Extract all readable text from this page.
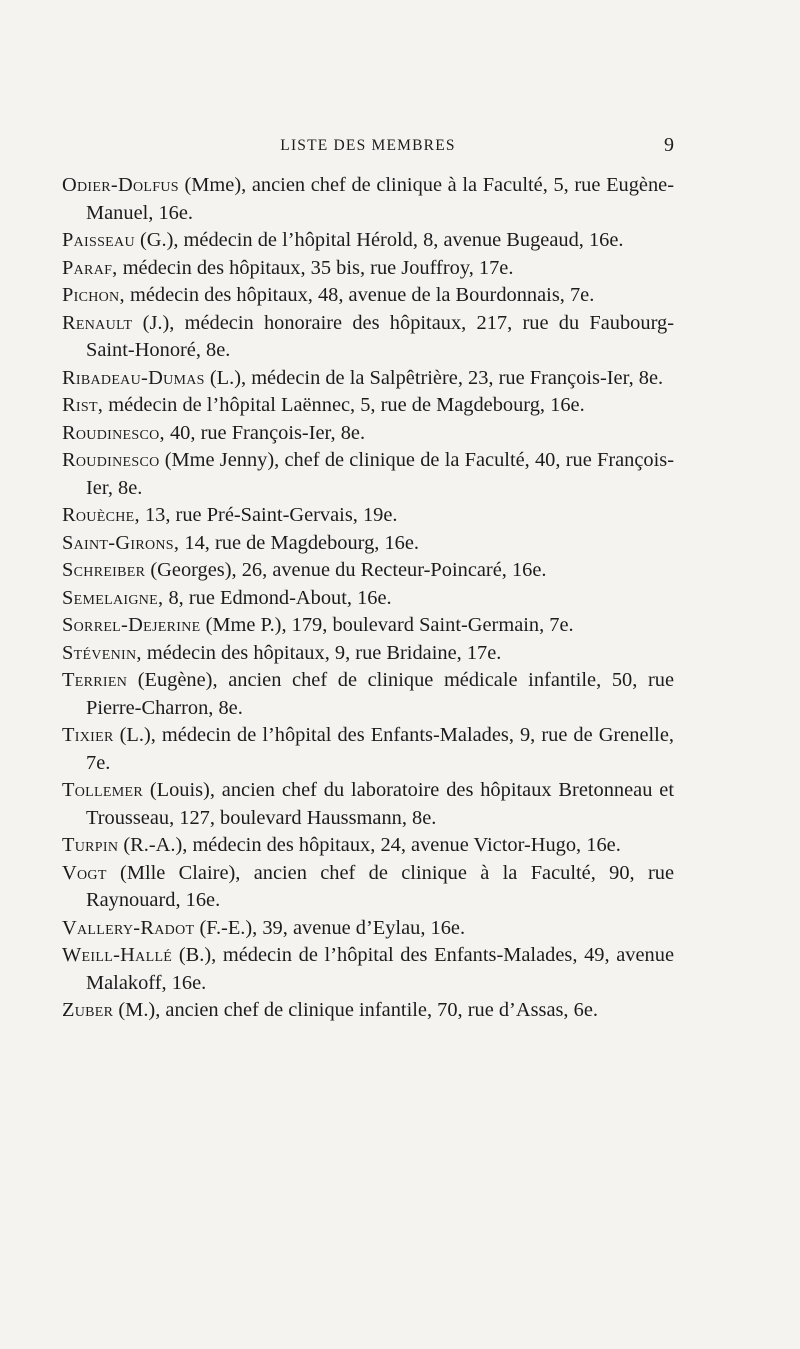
LISTE DES MEMBRES	9

Odier-Dolfus (Mme), ancien chef de clinique à la Faculté, 5, rue Eugène-Manuel, 16e.

Paisseau (G.), médecin de l’hôpital Hérold, 8, avenue Bugeaud, 16e.

Paraf, médecin des hôpitaux, 35 bis, rue Jouffroy, 17e.

Pichon, médecin des hôpitaux, 48, avenue de la Bourdonnais, 7e.

Renault (J.), médecin honoraire des hôpitaux, 217, rue du Faubourg-Saint-Honoré, 8e.

Ribadeau-Dumas (L.), médecin de la Salpêtrière, 23, rue François-Ier, 8e.

Rist, médecin de l’hôpital Laënnec, 5, rue de Magdebourg, 16e.

Roudinesco, 40, rue François-Ier, 8e.

Roudinesco (Mme Jenny), chef de clinique de la Faculté, 40, rue François-Ier, 8e.

Rouèche, 13, rue Pré-Saint-Gervais, 19e.

Saint-Girons, 14, rue de Magdebourg, 16e.

Schreiber (Georges), 26, avenue du Recteur-Poincaré, 16e.

Semelaigne, 8, rue Edmond-About, 16e.

Sorrel-Dejerine (Mme P.), 179, boulevard Saint-Germain, 7e.

Stévenin, médecin des hôpitaux, 9, rue Bridaine, 17e.

Terrien (Eugène), ancien chef de clinique médicale infantile, 50, rue Pierre-Charron, 8e.

Tixier (L.), médecin de l’hôpital des Enfants-Malades, 9, rue de Grenelle, 7e.

Tollemer (Louis), ancien chef du laboratoire des hôpitaux Bretonneau et Trousseau, 127, boulevard Haussmann, 8e.

Turpin (R.-A.), médecin des hôpitaux, 24, avenue Victor-Hugo, 16e.

Vogt (Mlle Claire), ancien chef de clinique à la Faculté, 90, rue Raynouard, 16e.

Vallery-Radot (F.-E.), 39, avenue d’Eylau, 16e.

Weill-Hallé (B.), médecin de l’hôpital des Enfants-Malades, 49, avenue Malakoff, 16e.

Zuber (M.), ancien chef de clinique infantile, 70, rue d’Assas, 6e.
